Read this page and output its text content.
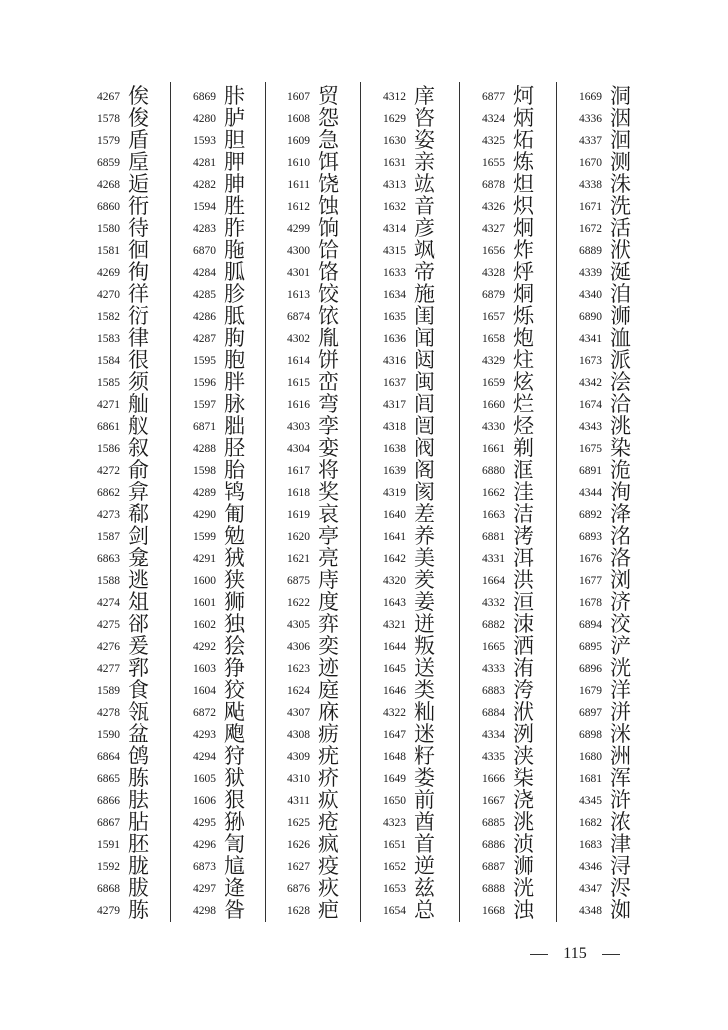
4267 俟
1578 俊
1579 盾
6859 垕
4268 逅
6860 衎
1580 待
1581 徊
4269 徇
4270 徉
1582 衍
1583 律
1584 很
1585 须
4271 舢
6861 舣
1586 叙
4272 俞
6862 弇
4273 郗
1587 剑
6863 龛
1588 逃
4274 俎
4275 郤
4276 爰
4277 郛
1589 食
4278 瓴
1590 盆
6864 鸧
6865 胨
6866 胠
6867 胋
1591 胚
1592 胧
6868 胈
4279 胨
6869 胩
4280 胪
1593 胆
4281 胛
4282 胂
1594 胜
4283 胙
6870 胣
4284 胍
4285 胗
4286 胝
4287 朐
1595 胞
1596 胖
1597 脉
6871 胐
4288 胫
1598 胎
4289 鸨
4290 匍
1599 勉
4291 狨
1600 狭
1601 狮
1602 独
4292 狯
1603 狰
1604 狡
6872 飐
4293 飑
4294 狩
1605 狱
1606 狠
4295 狲
4296 訇
6873 訄
4297 逄
4298 昝
1607 贸
1608 怨
1609 急
1610 饵
1611 饶
1612 蚀
4299 饷
4300 饸
4301 饹
1613 饺
6874 饻
4302 胤
1614 饼
1615 峦
1616 弯
4303 孪
4304 娈
1617 将
1618 奖
1619 哀
1620 亭
1621 亮
6875 庤
1622 度
4305 弈
4306 奕
1623 迹
1624 庭
4307 庥
4308 疬
4309 疣
4310 疥
4311 疭
1625 疮
1626 疯
1627 疫
6876 疢
1628 疤
4312 庠
1629 咨
1630 姿
1631 亲
4313 竑
1632 音
4314 彦
4315 飒
1633 帝
1634 施
1635 闺
1636 闻
4316 闼
1637 闽
4317 闾
4318 闿
1638 阀
1639 阁
4319 阂
1640 差
1641 养
1642 美
4320 羑
1643 姜
4321 迸
1644 叛
1645 送
1646 类
4322 籼
1647 迷
1648 籽
1649 娄
1650 前
4323 酋
1651 首
1652 逆
1653 兹
1654 总
6877 炣
4324 炳
4325 炻
1655 炼
6878 炟
4326 炽
4327 炯
1656 炸
4328 烀
6879 烔
1657 烁
1658 炮
4329 炷
1659 炫
1660 烂
4330 烃
1661 剃
6880 洭
1662 洼
1663 洁
6881 洘
4331 洱
1664 洪
4332 洹
6882 洓
1665 洒
4333 洧
6883 洿
6884 洑
4334 洌
4335 浃
1666 柒
1667 浇
6885 洮
6886 浈
6887 浉
6888 洸
1668 浊
1669 洞
4336 洇
4337 洄
1670 测
4338 洙
1671 洗
1672 活
6889 洑
4339 涎
4340 洎
6890 浉
4341 洫
1673 派
4342 浍
1674 洽
4343 洮
1675 染
6891 洈
4344 洵
6892 洚
6893 洺
1676 洛
1677 浏
1678 济
6894 洨
6895 浐
6896 洸
1679 洋
6897 洴
6898 洣
1680 洲
1681 浑
4345 浒
1682 浓
1683 津
4346 浔
4347 浕
4348 洳
115
